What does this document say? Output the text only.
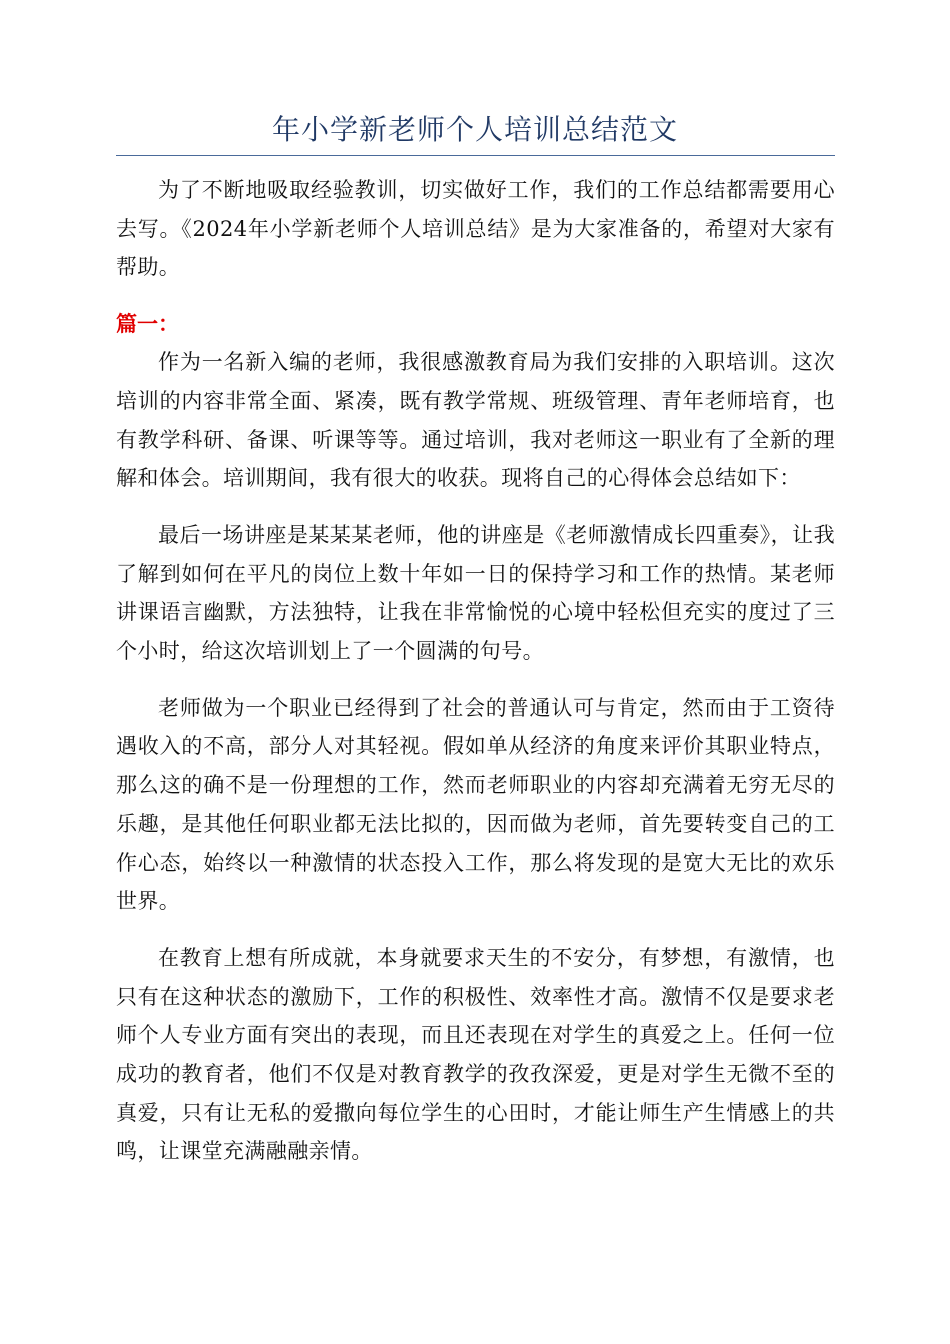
年小学新老师个人培训总结范文

为了不断地吸取经验教训，切实做好工作，我们的工作总结都需要用心去写。《2024年小学新老师个人培训总结》是为大家准备的，希望对大家有帮助。

篇一：

作为一名新入编的老师，我很感激教育局为我们安排的入职培训。这次培训的内容非常全面、紧凑，既有教学常规、班级管理、青年老师培育，也有教学科研、备课、听课等等。通过培训，我对老师这一职业有了全新的理解和体会。培训期间，我有很大的收获。现将自己的心得体会总结如下：

最后一场讲座是某某某老师，他的讲座是《老师激情成长四重奏》，让我了解到如何在平凡的岗位上数十年如一日的保持学习和工作的热情。某老师讲课语言幽默，方法独特，让我在非常愉悦的心境中轻松但充实的度过了三个小时，给这次培训划上了一个圆满的句号。

老师做为一个职业已经得到了社会的普通认可与肯定，然而由于工资待遇收入的不高，部分人对其轻视。假如单从经济的角度来评价其职业特点，那么这的确不是一份理想的工作，然而老师职业的内容却充满着无穷无尽的乐趣，是其他任何职业都无法比拟的，因而做为老师，首先要转变自己的工作心态，始终以一种激情的状态投入工作，那么将发现的是宽大无比的欢乐世界。

在教育上想有所成就，本身就要求天生的不安分，有梦想，有激情，也只有在这种状态的激励下，工作的积极性、效率性才高。激情不仅是要求老师个人专业方面有突出的表现，而且还表现在对学生的真爱之上。任何一位成功的教育者，他们不仅是对教育教学的孜孜深爱，更是对学生无微不至的真爱，只有让无私的爱撒向每位学生的心田时，才能让师生产生情感上的共鸣，让课堂充满融融亲情。
